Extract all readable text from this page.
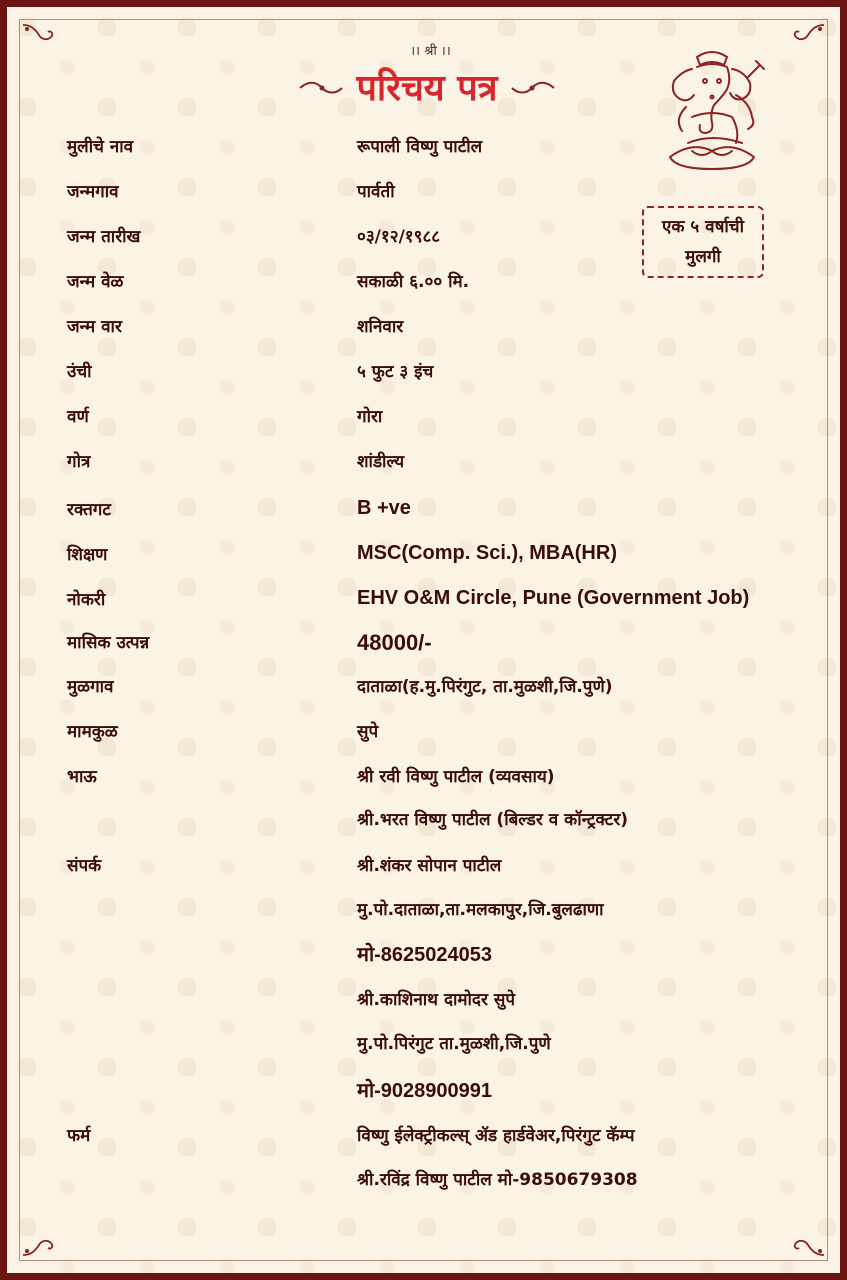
।। श्री ।।
परिचय पत्र
एक ५ वर्षाची
मुलगी
मुलीचे नाव	रूपाली विष्णु पाटील
जन्मगाव	पार्वती
जन्म तारीख	०३/१२/१९८८
जन्म वेळ	सकाळी ६.०० मि.
जन्म वार	शनिवार
उंची	५ फुट ३ इंच
वर्ण	गोरा
गोत्र	शांडील्य
रक्तगट	B +ve
शिक्षण	MSC(Comp. Sci.), MBA(HR)
नोकरी	EHV O&M Circle, Pune (Government Job)
मासिक उत्पन्न	48000/-
मुळगाव	दाताळा(ह.मु.पिरंगुट, ता.मुळशी,जि.पुणे)
मामकुळ	सुपे
भाऊ	श्री रवी विष्णु पाटील (व्यवसाय)
श्री.भरत विष्णु पाटील (बिल्डर व कॉन्ट्रक्टर)
संपर्क	श्री.शंकर सोपान पाटील
मु.पो.दाताळा,ता.मलकापुर,जि.बुलढाणा
मो-8625024053
श्री.काशिनाथ दामोदर सुपे
मु.पो.पिरंगुट ता.मुळशी,जि.पुणे
मो-9028900991
फर्म	विष्णु ईलेक्ट्रीकल्स् ॲड हार्डवेअर,पिरंगुट कॅम्प
श्री.रविंद्र विष्णु पाटील मो-9850679308
